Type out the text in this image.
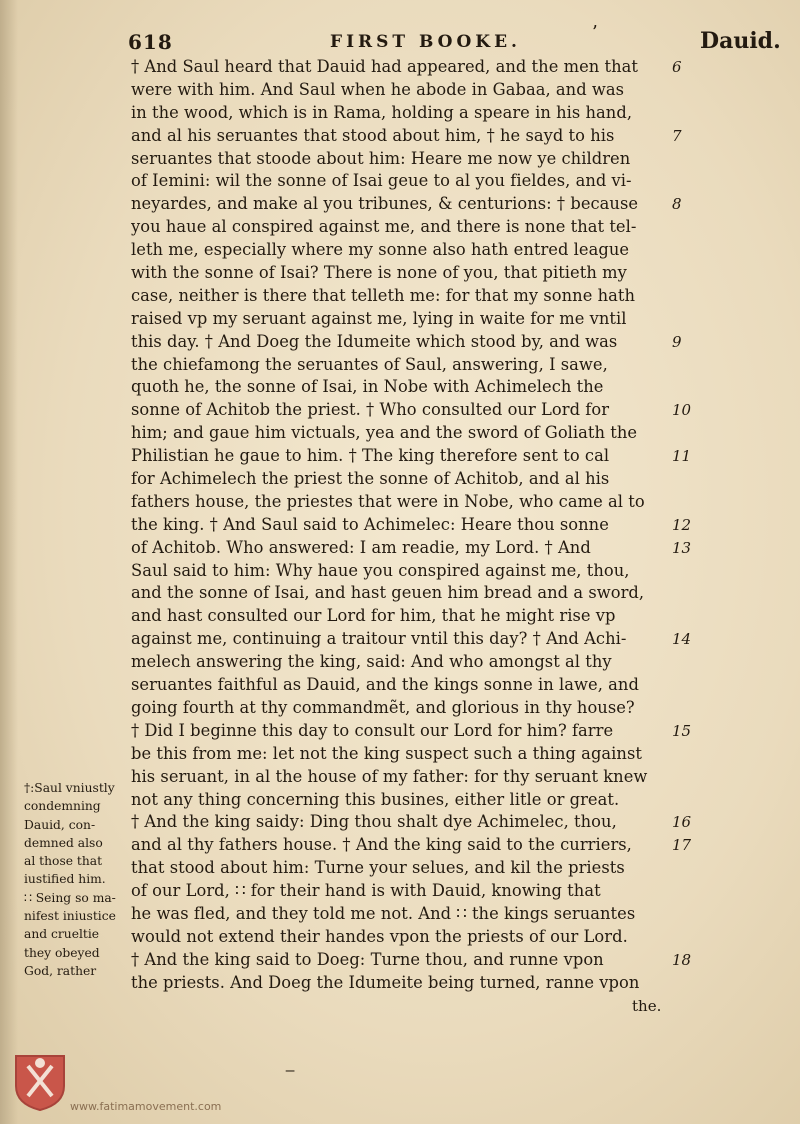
618	FIRST BOOKE.	’	Dauid.
† And Saul heard that Dauid had appeared, and the men that
were with him. And Saul when he abode in Gabaa, and was
in the wood, which is in Rama, holding a speare in his hand,
and al his seruantes that stood about him, † he sayd to his
seruantes that stoode about him: Heare me now ye children
of Iemini: wil the sonne of Isai geue to al you fieldes, and vi-
neyardes, and make al you tribunes, & centurions: † because
you haue al conspired against me, and there is none that tel-
leth me, especially where my sonne also hath entred league
with the sonne of Isai? There is none of you, that pitieth my
case, neither is there that telleth me: for that my sonne hath
raised vp my seruant against me, lying in waite for me vntil
this day. † And Doeg the Idumeite which stood by, and was
the chiefamong the seruantes of Saul, answering, I sawe,
quoth he, the sonne of Isai, in Nobe with Achimelech the
sonne of Achitob the priest. † Who consulted our Lord for
him; and gaue him victuals, yea and the sword of Goliath the
Philistian he gaue to him. † The king therefore sent to cal
for Achimelech the priest the sonne of Achitob, and al his
fathers house, the priestes that were in Nobe, who came al to
the king. † And Saul said to Achimelec: Heare thou sonne
of Achitob. Who answered: I am readie, my Lord. † And
Saul said to him: Why haue you conspired against me, thou,
and the sonne of Isai, and hast geuen him bread and a sword,
and hast consulted our Lord for him, that he might rise vp
against me, continuing a traitour vntil this day? † And Achi-
melech answering the king, said: And who amongst al thy
seruantes faithful as Dauid, and the kings sonne in lawe, and
going fourth at thy commandmẽt, and glorious in thy house?
† Did I beginne this day to consult our Lord for him? farre
be this from me: let not the king suspect such a thing against
his seruant, in al the house of my father: for thy seruant knew
not any thing concerning this busines, either litle or great.
† And the king saidy: Ding thou shalt dye Achimelec, thou,
and al thy fathers house. † And the king said to the curriers,
that stood about him: Turne your selues, and kil the priests
of our Lord, ∷ for their hand is with Dauid, knowing that
he was fled, and they told me not. And ∷ the kings seruantes
would not extend their handes vpon the priests of our Lord.
† And the king said to Doeg: Turne thou, and runne vpon
the priests. And Doeg the Idumeite being turned, ranne vpon
6
7
8
9
10
11
12
13
14
15
16
17
18
†:Saul vniustly
condemning
Dauid, con-
demned also
al those that
iustified him.
∷ Seing so ma-
nifest iniustice
and crueltie
they obeyed
God, rather
the.
‒
www.fatimamovement.com
